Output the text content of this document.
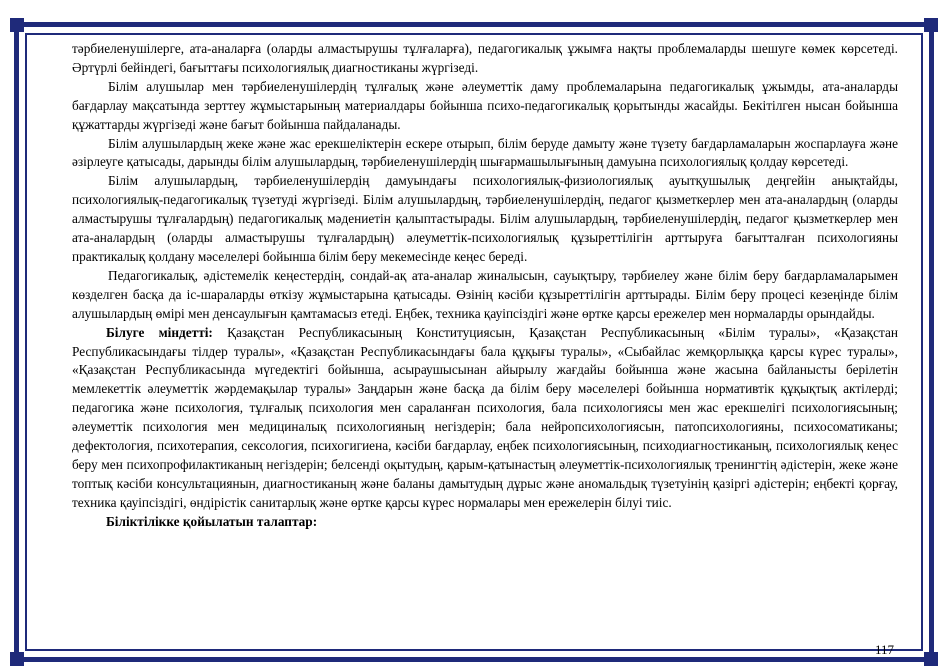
тәрбиеленушілерге, ата-аналарға (оларды алмастырушы тұлғаларға), педагогикалық ұжымға нақты проблемаларды шешуге көмек көрсетеді. Әртүрлі бейіндегі, бағыттағы психологиялық диагностиканы жүргізеді.

Білім алушылар мен тәрбиеленушілердің тұлғалық және әлеуметтік даму проблемаларына педагогикалық ұжымды, ата-аналарды бағдарлау мақсатында зерттеу жұмыстарының материалдары бойынша психо-педагогикалық қорытынды жасайды. Бекітілген нысан бойынша құжаттарды жүргізеді және бағыт бойынша пайдаланады.

Білім алушылардың жеке және жас ерекшеліктерін ескере отырып, білім беруде дамыту және түзету бағдарламаларын жоспарлауға және әзірлеуге қатысады, дарынды білім алушылардың, тәрбиеленушілердің шығармашылығының дамуына психологиялық қолдау көрсетеді.

Білім алушылардың, тәрбиеленушілердің дамуындағы психологиялық-физиологиялық ауытқушылық деңгейін анықтайды, психологиялық-педагогикалық түзетуді жүргізеді. Білім алушылардың, тәрбиеленушілердің, педагог қызметкерлер мен ата-аналардың (оларды алмастырушы тұлғалардың) педагогикалық мәдениетін қалыптастырады. Білім алушылардың, тәрбиеленушілердің, педагог қызметкерлер мен ата-аналардың (оларды алмастырушы тұлғалардың) әлеуметтік-психологиялық құзыреттілігін арттыруға бағытталған психологияны практикалық қолдану мәселелері бойынша білім беру мекемесінде кеңес береді.

Педагогикалық, әдістемелік кеңестердің, сондай-ақ ата-аналар жиналысын, сауықтыру, тәрбиелеу және білім беру бағдарламаларымен көзделген басқа да іс-шараларды өткізу жұмыстарына қатысады. Өзінің кәсіби құзыреттілігін арттырады. Білім беру процесі кезеңінде білім алушылардың өмірі мен денсаулығын қамтамасыз етеді. Еңбек, техника қауіпсіздігі және өртке қарсы ережелер мен нормаларды орындайды.

Білуге міндетті: Қазақстан Республикасының Конституциясын, Қазақстан Республикасының «Білім туралы», «Қазақстан Республикасындағы тілдер туралы», «Қазақстан Республикасындағы бала құқығы туралы», «Сыбайлас жемқорлыққа қарсы күрес туралы», «Қазақстан Республикасында мүгедектігі бойынша, асыраушысынан айырылу жағдайы бойынша және жасына байланысты берілетін мемлекеттік әлеуметтік жәрдемақылар туралы» Заңдарын және басқа да білім беру мәселелері бойынша нормативтік құқықтық актілерді; педагогика және психология, тұлғалық психология мен сараланған психология, бала психологиясы мен жас ерекшелігі психологиясының; әлеуметтік психология мен медициналық психологияның негіздерін; бала нейропсихологиясын, патопсихологияны, психосоматиканы; дефектология, психотерапия, сексология, психогигиена, кәсіби бағдарлау, еңбек психологиясының, психодиагностиканың, психологиялық кеңес беру мен психопрофилактиканың негіздерін; белсенді оқытудың, қарым-қатынастың әлеуметтік-психологиялық тренингтің әдістерін, жеке және топтық кәсіби консультациянын, диагностиканың және баланы дамытудың дұрыс және аномальдық түзетуінің қазіргі әдістерін; еңбекті қорғау, техника қауіпсіздігі, өндірістік санитарлық және өртке қарсы күрес нормалары мен ережелерін білуі тиіс.

Біліктілікке қойылатын талаптар:

117
